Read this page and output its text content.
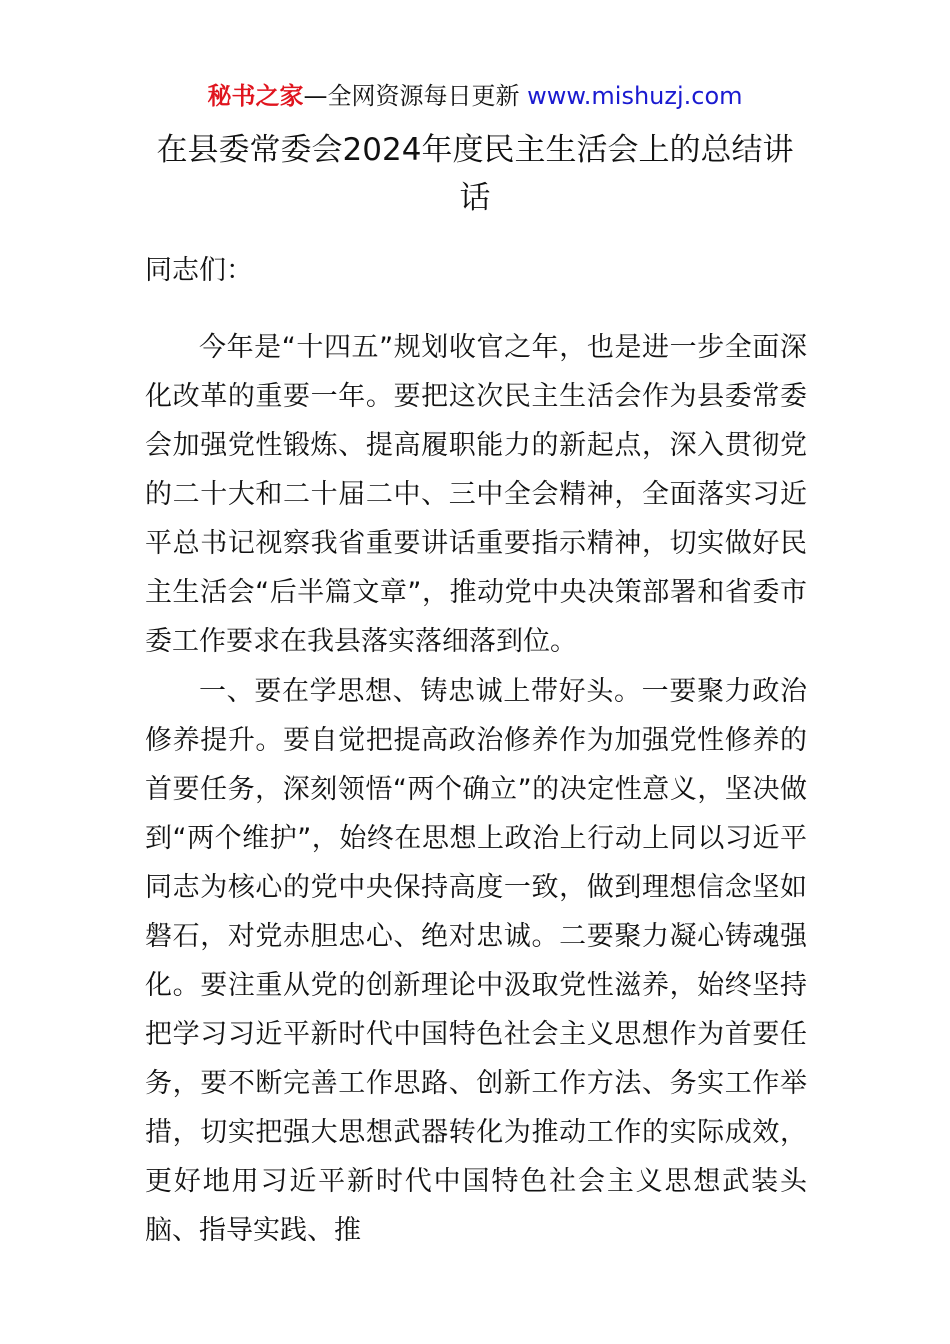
秘书之家—全网资源每日更新 www.mishuzj.com
在县委常委会2024年度民主生活会上的总结讲话
同志们：

今年是“十四五”规划收官之年，也是进一步全面深化改革的重要一年。要把这次民主生活会作为县委常委会加强党性锻炼、提高履职能力的新起点，深入贯彻党的二十大和二十届二中、三中全会精神，全面落实习近平总书记视察我省重要讲话重要指示精神，切实做好民主生活会“后半篇文章”，推动党中央决策部署和省委市委工作要求在我县落实落细落到位。

一、要在学思想、铸忠诚上带好头。一要聚力政治修养提升。要自觉把提高政治修养作为加强党性修养的首要任务，深刻领悟“两个确立”的决定性意义，坚决做到“两个维护”，始终在思想上政治上行动上同以习近平同志为核心的党中央保持高度一致，做到理想信念坚如磐石，对党赤胆忠心、绝对忠诚。二要聚力凝心铸魂强化。要注重从党的创新理论中汲取党性滋养，始终坚持把学习习近平新时代中国特色社会主义思想作为首要任务，要不断完善工作思路、创新工作方法、务实工作举措，切实把强大思想武器转化为推动工作的实际成效，更好地用习近平新时代中国特色社会主义思想武装头脑、指导实践、推
